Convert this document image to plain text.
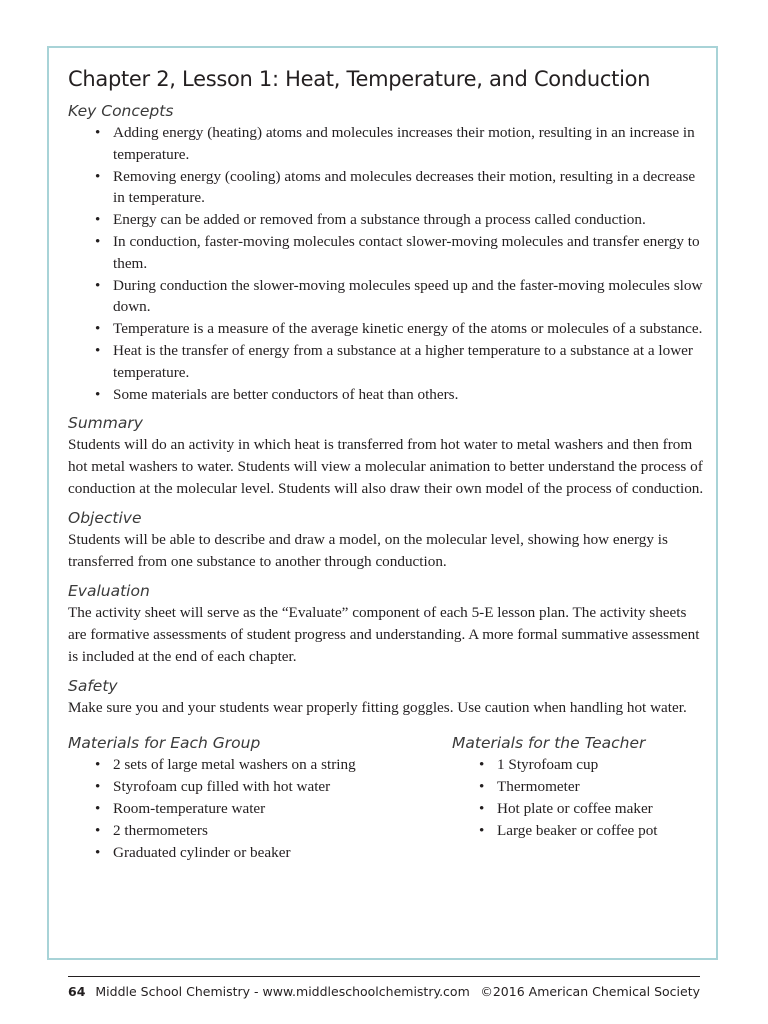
Chapter 2, Lesson 1: Heat, Temperature, and Conduction
Key Concepts
• Adding energy (heating) atoms and molecules increases their motion, resulting in an increase in temperature.
• Removing energy (cooling) atoms and molecules decreases their motion, resulting in a decrease in temperature.
• Energy can be added or removed from a substance through a process called conduction.
• In conduction, faster-moving molecules contact slower-moving molecules and transfer energy to them.
• During conduction the slower-moving molecules speed up and the faster-moving molecules slow down.
• Temperature is a measure of the average kinetic energy of the atoms or molecules of a substance.
• Heat is the transfer of energy from a substance at a higher temperature to a substance at a lower temperature.
• Some materials are better conductors of heat than others.
Summary

Students will do an activity in which heat is transferred from hot water to metal washers and then from hot metal washers to water. Students will view a molecular animation to better understand the process of conduction at the molecular level. Students will also draw their own model of the process of conduction.

Objective

Students will be able to describe and draw a model, on the molecular level, showing how energy is transferred from one substance to another through conduction.

Evaluation

The activity sheet will serve as the “Evaluate” component of each 5-E lesson plan. The activity sheets are formative assessments of student progress and understanding. A more formal summative assessment is included at the end of each chapter.

Safety

Make sure you and your students wear properly fitting goggles. Use caution when handling hot water.

Materials for Each Group
• 2 sets of large metal washers on a string
• Styrofoam cup filled with hot water
• Room-temperature water
• 2 thermometers
• Graduated cylinder or beaker
Materials for the Teacher
• 1 Styrofoam cup
• Thermometer
• Hot plate or coffee maker
• Large beaker or coffee pot
64 Middle School Chemistry - www.middleschoolchemistry.com ©2016 American Chemical Society
